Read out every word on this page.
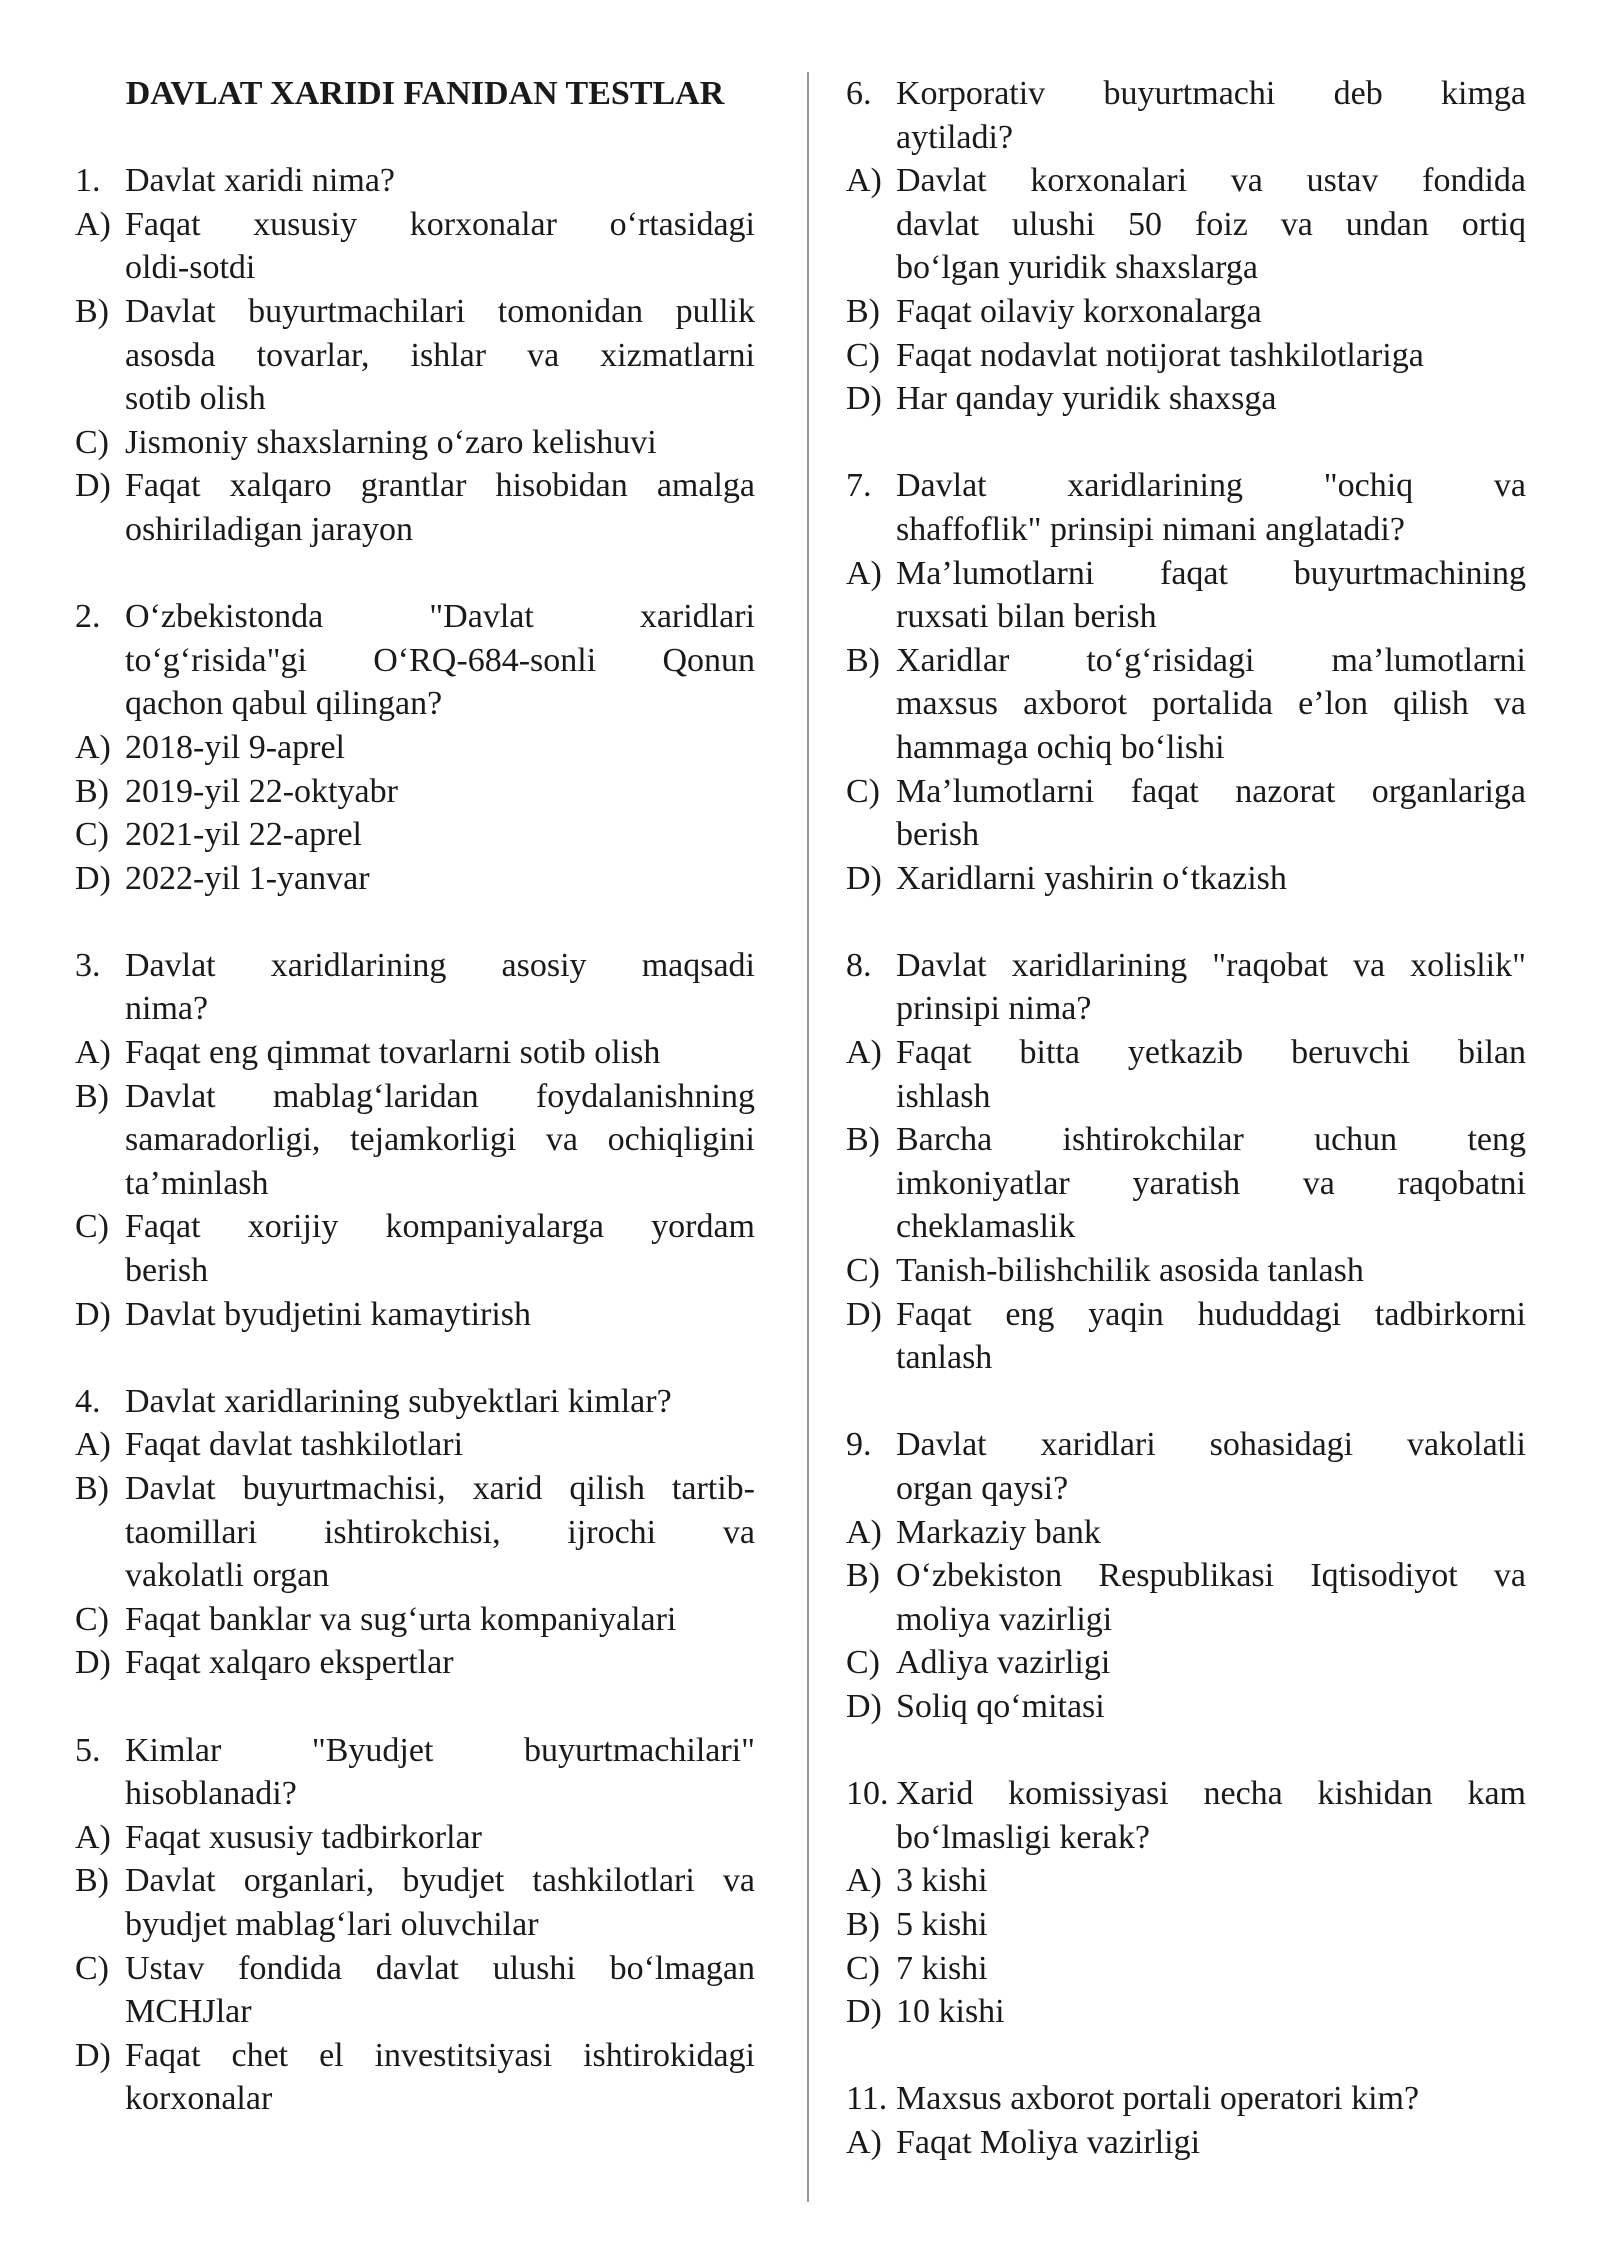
DAVLAT XARIDI FANIDAN TESTLAR
1. Davlat xaridi nima?
A) Faqat xususiy korxonalar o‘rtasidagi
oldi-sotdi
B) Davlat buyurtmachilari tomonidan pullik
asosda tovarlar, ishlar va xizmatlarni
sotib olish
C) Jismoniy shaxslarning o‘zaro kelishuvi
D) Faqat xalqaro grantlar hisobidan amalga
oshiriladigan jarayon
2. O‘zbekistonda "Davlat xaridlari
to‘g‘risida"gi O‘RQ-684-sonli Qonun
qachon qabul qilingan?
A) 2018-yil 9-aprel
B) 2019-yil 22-oktyabr
C) 2021-yil 22-aprel
D) 2022-yil 1-yanvar
3. Davlat xaridlarining asosiy maqsadi
nima?
A) Faqat eng qimmat tovarlarni sotib olish
B) Davlat mablag‘laridan foydalanishning
samaradorligi, tejamkorligi va ochiqligini
ta’minlash
C) Faqat xorijiy kompaniyalarga yordam
berish
D) Davlat byudjetini kamaytirish
4. Davlat xaridlarining subyektlari kimlar?
A) Faqat davlat tashkilotlari
B) Davlat buyurtmachisi, xarid qilish tartib-
taomillari ishtirokchisi, ijrochi va
vakolatli organ
C) Faqat banklar va sug‘urta kompaniyalari
D) Faqat xalqaro ekspertlar
5. Kimlar "Byudjet buyurtmachilari"
hisoblanadi?
A) Faqat xususiy tadbirkorlar
B) Davlat organlari, byudjet tashkilotlari va
byudjet mablag‘lari oluvchilar
C) Ustav fondida davlat ulushi bo‘lmagan
MCHJlar
D) Faqat chet el investitsiyasi ishtirokidagi
korxonalar
6. Korporativ buyurtmachi deb kimga
aytiladi?
A) Davlat korxonalari va ustav fondida
davlat ulushi 50 foiz va undan ortiq
bo‘lgan yuridik shaxslarga
B) Faqat oilaviy korxonalarga
C) Faqat nodavlat notijorat tashkilotlariga
D) Har qanday yuridik shaxsga
7. Davlat xaridlarining "ochiq va
shaffoflik" prinsipi nimani anglatadi?
A) Ma’lumotlarni faqat buyurtmachining
ruxsati bilan berish
B) Xaridlar to‘g‘risidagi ma’lumotlarni
maxsus axborot portalida e’lon qilish va
hammaga ochiq bo‘lishi
C) Ma’lumotlarni faqat nazorat organlariga
berish
D) Xaridlarni yashirin o‘tkazish
8. Davlat xaridlarining "raqobat va xolislik"
prinsipi nima?
A) Faqat bitta yetkazib beruvchi bilan
ishlash
B) Barcha ishtirokchilar uchun teng
imkoniyatlar yaratish va raqobatni
cheklamaslik
C) Tanish-bilishchilik asosida tanlash
D) Faqat eng yaqin hududdagi tadbirkorni
tanlash
9. Davlat xaridlari sohasidagi vakolatli
organ qaysi?
A) Markaziy bank
B) O‘zbekiston Respublikasi Iqtisodiyot va
moliya vazirligi
C) Adliya vazirligi
D) Soliq qo‘mitasi
10. Xarid komissiyasi necha kishidan kam
bo‘lmasligi kerak?
A) 3 kishi
B) 5 kishi
C) 7 kishi
D) 10 kishi
11. Maxsus axborot portali operatori kim?
A) Faqat Moliya vazirligi
